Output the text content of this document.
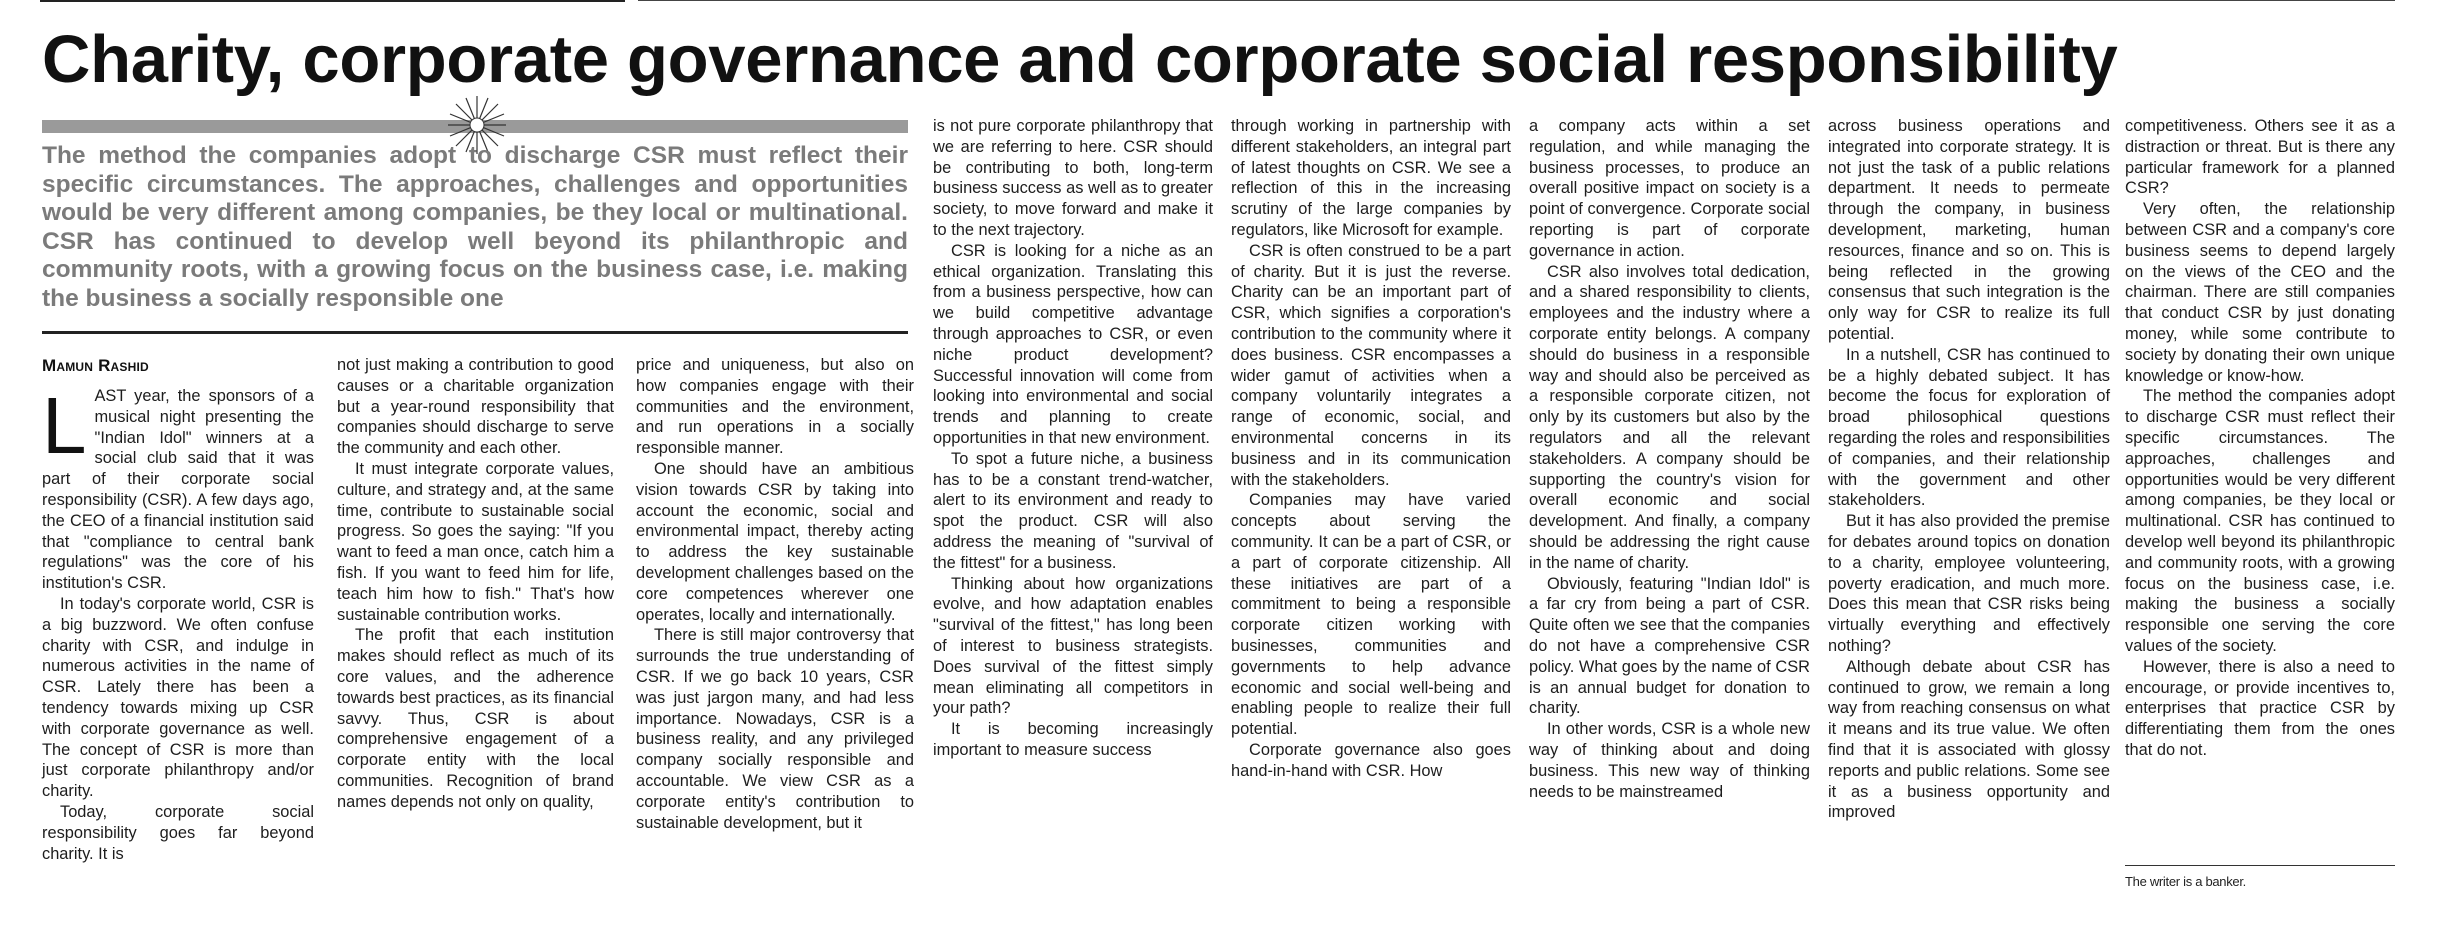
Charity, corporate governance and corporate social responsibility
The method the companies adopt to discharge CSR must reflect their specific circumstances. The approaches, challenges and opportunities would be very different among companies, be they local or multinational. CSR has continued to develop well beyond its philanthropic and community roots, with a growing focus on the business case, i.e. making the business a socially responsible one
Mamun Rashid
L AST year, the sponsors of a musical night presenting the "Indian Idol" winners at a social club said that it was part of their corporate social responsibility (CSR). A few days ago, the CEO of a financial institution said that "compliance to central bank regulations" was the core of his institution's CSR.

In today's corporate world, CSR is a big buzzword. We often confuse charity with CSR, and indulge in numerous activities in the name of CSR. Lately there has been a tendency towards mixing up CSR with corporate governance as well. The concept of CSR is more than just corporate philanthropy and/or charity.

Today, corporate social responsibility goes far beyond charity. It is

not just making a contribution to good causes or a charitable organization but a year-round responsibility that companies should discharge to serve the community and each other.

It must integrate corporate values, culture, and strategy and, at the same time, contribute to sustainable social progress. So goes the saying: "If you want to feed a man once, catch him a fish. If you want to feed him for life, teach him how to fish." That's how sustainable contribution works.

The profit that each institution makes should reflect as much of its core values, and the adherence towards best practices, as its financial savvy. Thus, CSR is about comprehensive engagement of a corporate entity with the local communities. Recognition of brand names depends not only on quality,

price and uniqueness, but also on how companies engage with their communities and the environment, and run operations in a socially responsible manner.

One should have an ambitious vision towards CSR by taking into account the economic, social and environmental impact, thereby acting to address the key sustainable development challenges based on the core competences wherever one operates, locally and internationally.

There is still major controversy that surrounds the true understanding of CSR. If we go back 10 years, CSR was just jargon many, and had less importance. Nowadays, CSR is a business reality, and any privileged company socially responsible and accountable. We view CSR as a corporate entity's contribution to sustainable development, but it

is not pure corporate philanthropy that we are referring to here. CSR should be contributing to both, long-term business success as well as to greater society, to move forward and make it to the next trajectory.

CSR is looking for a niche as an ethical organization. Translating this from a business perspective, how can we build competitive advantage through approaches to CSR, or even niche product development? Successful innovation will come from looking into environmental and social trends and planning to create opportunities in that new environment.

To spot a future niche, a business has to be a constant trend-watcher, alert to its environment and ready to spot the product. CSR will also address the meaning of "survival of the fittest" for a business.

Thinking about how organizations evolve, and how adaptation enables "survival of the fittest," has long been of interest to business strategists. Does survival of the fittest simply mean eliminating all competitors in your path?

It is becoming increasingly important to measure success

through working in partnership with different stakeholders, an integral part of latest thoughts on CSR. We see a reflection of this in the increasing scrutiny of the large companies by regulators, like Microsoft for example.

CSR is often construed to be a part of charity. But it is just the reverse. Charity can be an important part of CSR, which signifies a corporation's contribution to the community where it does business. CSR encompasses a wider gamut of activities when a company voluntarily integrates a range of economic, social, and environmental concerns in its business and in its communication with the stakeholders.

Companies may have varied concepts about serving the community. It can be a part of CSR, or a part of corporate citizenship. All these initiatives are part of a commitment to being a responsible corporate citizen working with businesses, communities and governments to help advance economic and social well-being and enabling people to realize their full potential.

Corporate governance also goes hand-in-hand with CSR. How

a company acts within a set regulation, and while managing the business processes, to produce an overall positive impact on society is a point of convergence. Corporate social reporting is part of corporate governance in action.

CSR also involves total dedication, and a shared responsibility to clients, employees and the industry where a corporate entity belongs. A company should do business in a responsible way and should also be perceived as a responsible corporate citizen, not only by its customers but also by the regulators and all the relevant stakeholders. A company should be supporting the country's vision for overall economic and social development. And finally, a company should be addressing the right cause in the name of charity.

Obviously, featuring "Indian Idol" is a far cry from being a part of CSR. Quite often we see that the companies do not have a comprehensive CSR policy. What goes by the name of CSR is an annual budget for donation to charity.

In other words, CSR is a whole new way of thinking about and doing business. This new way of thinking needs to be mainstreamed

across business operations and integrated into corporate strategy. It is not just the task of a public relations department. It needs to permeate through the company, in business development, marketing, human resources, finance and so on. This is being reflected in the growing consensus that such integration is the only way for CSR to realize its full potential.

In a nutshell, CSR has continued to be a highly debated subject. It has become the focus for exploration of broad philosophical questions regarding the roles and responsibilities of companies, and their relationship with the government and other stakeholders.

But it has also provided the premise for debates around topics on donation to a charity, employee volunteering, poverty eradication, and much more. Does this mean that CSR risks being virtually everything and effectively nothing?

Although debate about CSR has continued to grow, we remain a long way from reaching consensus on what it means and its true value. We often find that it is associated with glossy reports and public relations. Some see it as a business opportunity and improved

competitiveness. Others see it as a distraction or threat. But is there any particular framework for a planned CSR?

Very often, the relationship between CSR and a company's core business seems to depend largely on the views of the CEO and the chairman. There are still companies that conduct CSR by just donating money, while some contribute to society by donating their own unique knowledge or know-how.

The method the companies adopt to discharge CSR must reflect their specific circumstances. The approaches, challenges and opportunities would be very different among companies, be they local or multinational. CSR has continued to develop well beyond its philanthropic and community roots, with a growing focus on the business case, i.e. making the business a socially responsible one serving the core values of the society.

However, there is also a need to encourage, or provide incentives to, enterprises that practice CSR by differentiating them from the ones that do not.

The writer is a banker.
